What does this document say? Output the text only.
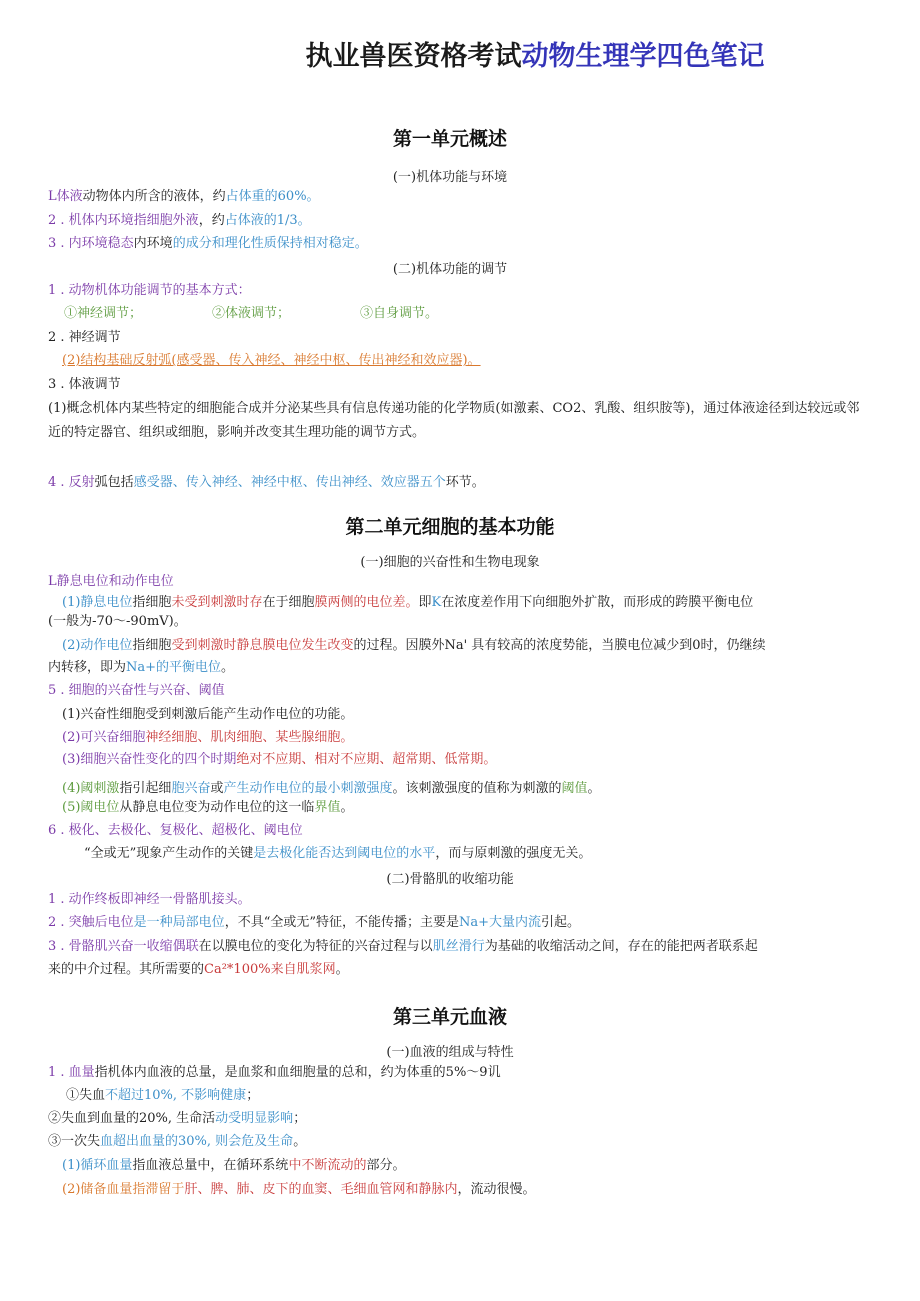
执业兽医资格考试动物生理学四色笔记
第一单元概述
(一)机体功能与环境
L体液动物体内所含的液体，约占体重的60%。
2 . 机体内环境指细胞外液，约占体液的1/3。
3 . 内环境稳态内环境的成分和理化性质保持相对稳定。
(二)机体功能的调节
1 . 动物机体功能调节的基本方式：
①神经调节；	②体液调节；	③自身调节。
2 . 神经调节
(2)结构基础反射弧(感受器、传入神经、神经中枢、传出神经和效应器)。
3 . 体液调节
(1)概念机体内某些特定的细胞能合成并分泌某些具有信息传递功能的化学物质(如激素、CO2、乳酸、组织胺等)，通过体液途径到达较远或邻近的特定器官、组织或细胞，影响并改变其生理功能的调节方式。
4 . 反射弧包括感受器、传入神经、神经中枢、传出神经、效应器五个环节。
第二单元细胞的基本功能
(一)细胞的兴奋性和生物电现象
L静息电位和动作电位
(1)静息电位指细胞未受到刺激时存在于细胞膜两侧的电位差。即K在浓度差作用下向细胞外扩散，而形成的跨膜平衡电位
(一般为-70～-90mV)。
(2)动作电位指细胞受到刺激时静息膜电位发生改变的过程。因膜外Na' 具有较高的浓度势能，当膜电位减少到0时，仍继续
内转移，即为Na+的平衡电位。
5 . 细胞的兴奋性与兴奋、阈值
(1)兴奋性细胞受到刺激后能产生动作电位的功能。
(2)可兴奋细胞神经细胞、肌肉细胞、某些腺细胞。
(3)细胞兴奋性变化的四个时期绝对不应期、相对不应期、超常期、低常期。
(4)阈刺激指引起细胞兴奋或产生动作电位的最小刺激强度。该刺激强度的值称为刺激的阈值。
(5)阈电位从静息电位变为动作电位的这一临界值。
6 . 极化、去极化、复极化、超极化、阈电位
“全或无”现象产生动作的关键是去极化能否达到阈电位的水平，而与原刺激的强度无关。
(二)骨骼肌的收缩功能
1 . 动作终板即神经一骨骼肌接头。
2 . 突触后电位是一种局部电位，不具“全或无”特征，不能传播；主要是Na+大量内流引起。
3 . 骨骼肌兴奋一收缩偶联在以膜电位的变化为特征的兴奋过程与以肌丝滑行为基础的收缩活动之间，存在的能把两者联系起
来的中介过程。其所需要的Ca²*100%来自肌浆网。
第三单元血液
(一)血液的组成与特性
1 . 血量指机体内血液的总量，是血浆和血细胞量的总和，约为体重的5%～9讥
①失血不超过10%, 不影响健康；
②失血到血量的20%, 生命活动受明显影响；
③一次失血超出血量的30%, 则会危及生命。
(1)循环血量指血液总量中，在循环系统中不断流动的部分。
(2)储备血量指滞留于肝、脾、肺、皮下的血窦、毛细血管网和静脉内，流动很慢。
